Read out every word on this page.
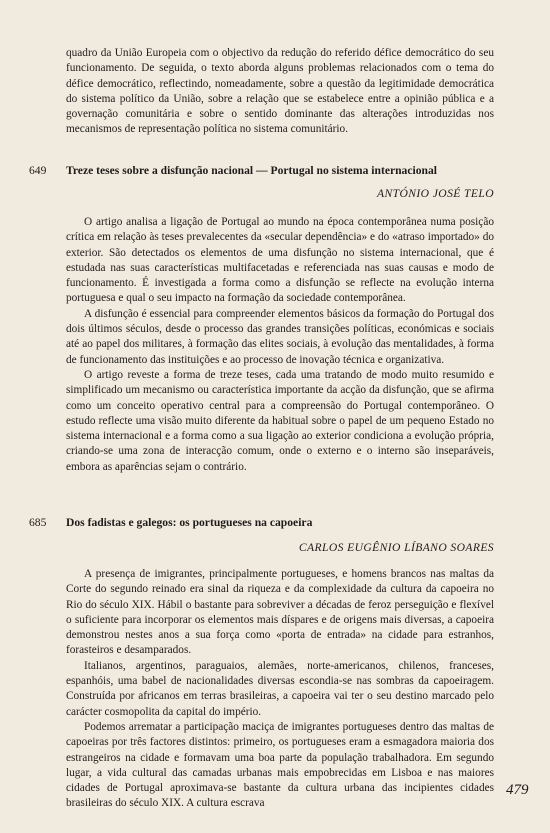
quadro da União Europeia com o objectivo da redução do referido défice democrático do seu funcionamento. De seguida, o texto aborda alguns problemas relacionados com o tema do défice democrático, reflectindo, nomeadamente, sobre a questão da legitimidade democrática do sistema político da União, sobre a relação que se estabelece entre a opinião pública e a governação comunitária e sobre o sentido dominante das alterações introduzidas nos mecanismos de representação política no sistema comunitário.

649 Treze teses sobre a disfunção nacional — Portugal no sistema internacional
ANTÓNIO JOSÉ TELO

O artigo analisa a ligação de Portugal ao mundo na época contemporânea numa posição crítica em relação às teses prevalecentes da «secular dependência» e do «atraso importado» do exterior. São detectados os elementos de uma disfunção no sistema internacional, que é estudada nas suas características multifacetadas e referenciada nas suas causas e modo de funcionamento. É investigada a forma como a disfunção se reflecte na evolução interna portuguesa e qual o seu impacto na formação da sociedade contemporânea.

A disfunção é essencial para compreender elementos básicos da formação do Portugal dos dois últimos séculos, desde o processo das grandes transições políticas, económicas e sociais até ao papel dos militares, à formação das elites sociais, à evolução das mentalidades, à forma de funcionamento das instituições e ao processo de inovação técnica e organizativa.

O artigo reveste a forma de treze teses, cada uma tratando de modo muito resumido e simplificado um mecanismo ou característica importante da acção da disfunção, que se afirma como um conceito operativo central para a compreensão do Portugal contemporâneo. O estudo reflecte uma visão muito diferente da habitual sobre o papel de um pequeno Estado no sistema internacional e a forma como a sua ligação ao exterior condiciona a evolução própria, criando-se uma zona de interacção comum, onde o externo e o interno são inseparáveis, embora as aparências sejam o contrário.

685 Dos fadistas e galegos: os portugueses na capoeira
CARLOS EUGÊNIO LÍBANO SOARES

A presença de imigrantes, principalmente portugueses, e homens brancos nas maltas da Corte do segundo reinado era sinal da riqueza e da complexidade da cultura da capoeira no Rio do século XIX. Hábil o bastante para sobreviver a décadas de feroz perseguição e flexível o suficiente para incorporar os elementos mais díspares e de origens mais diversas, a capoeira demonstrou nestes anos a sua força como «porta de entrada» na cidade para estranhos, forasteiros e desamparados.

Italianos, argentinos, paraguaios, alemães, norte-americanos, chilenos, franceses, espanhóis, uma babel de nacionalidades diversas escondia-se nas sombras da capoeiragem. Construída por africanos em terras brasileiras, a capoeira vai ter o seu destino marcado pelo carácter cosmopolita da capital do império.

Podemos arrematar a participação maciça de imigrantes portugueses dentro das maltas de capoeiras por três factores distintos: primeiro, os portugueses eram a esmagadora maioria dos estrangeiros na cidade e formavam uma boa parte da população trabalhadora. Em segundo lugar, a vida cultural das camadas urbanas mais empobrecidas em Lisboa e nas maiores cidades de Portugal aproximava-se bastante da cultura urbana das incipientes cidades brasileiras do século XIX. A cultura escrava

479
